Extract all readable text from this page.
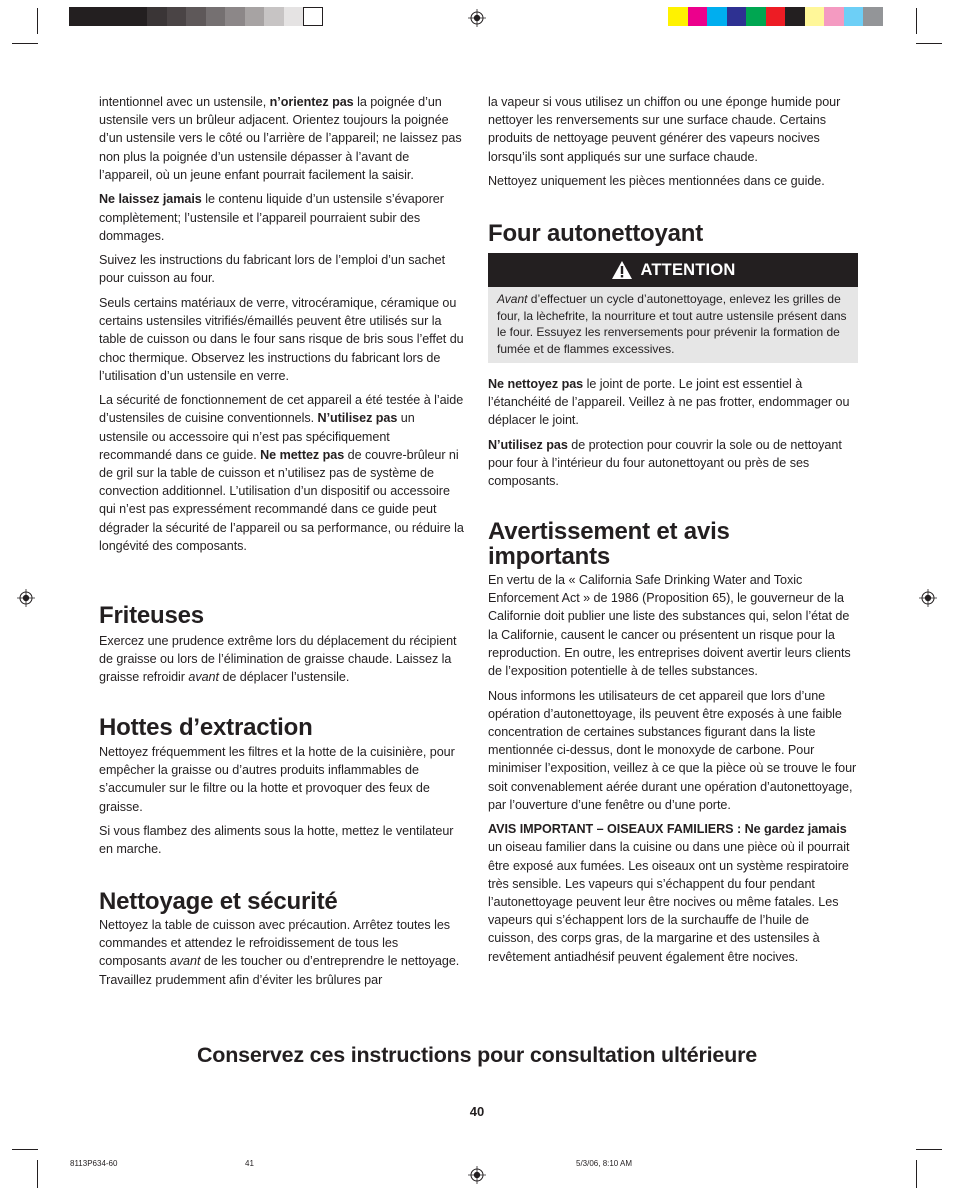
intentionnel avec un ustensile, n’orientez pas la poignée d’un ustensile vers un brûleur adjacent. Orientez toujours la poignée d’un ustensile vers le côté ou l’arrière de l’appareil; ne laissez pas non plus la poignée d’un ustensile dépasser à l’avant de l’appareil, où un jeune enfant pourrait facilement la saisir.

Ne laissez jamais le contenu liquide d’un ustensile s’évaporer complètement; l’ustensile et l’appareil pourraient subir des dommages.

Suivez les instructions du fabricant lors de l’emploi d’un sachet pour cuisson au four.

Seuls certains matériaux de verre, vitrocéramique, céramique ou certains ustensiles vitrifiés/émaillés peuvent être utilisés sur la table de cuisson ou dans le four sans risque de bris sous l’effet du choc thermique. Observez les instructions du fabricant lors de l’utilisation d’un ustensile en verre.

La sécurité de fonctionnement de cet appareil a été testée à l’aide d’ustensiles de cuisine conventionnels. N’utilisez pas un ustensile ou accessoire qui n’est pas spécifiquement recommandé dans ce guide. Ne mettez pas de couvre-brûleur ni de gril sur la table de cuisson et n’utilisez pas de système de convection additionnel. L’utilisation d’un dispositif ou accessoire qui n’est pas expressément recommandé dans ce guide peut dégrader la sécurité de l’appareil ou sa performance, ou réduire la longévité des composants.

Friteuses

Exercez une prudence extrême lors du déplacement du récipient de graisse ou lors de l’élimination de graisse chaude. Laissez la graisse refroidir avant de déplacer l’ustensile.

Hottes d’extraction

Nettoyez fréquemment les filtres et la hotte de la cuisinière, pour empêcher la graisse ou d’autres produits inflammables de s’accumuler sur le filtre ou la hotte et provoquer des feux de graisse.

Si vous flambez des aliments sous la hotte, mettez le ventilateur en marche.

Nettoyage et sécurité

Nettoyez la table de cuisson avec précaution. Arrêtez toutes les commandes et attendez le refroidissement de tous les composants avant de les toucher ou d’entreprendre le nettoyage. Travaillez prudemment afin d’éviter les brûlures par

la vapeur si vous utilisez un chiffon ou une éponge humide pour nettoyer les renversements sur une surface chaude. Certains produits de nettoyage peuvent générer des vapeurs nocives lorsqu’ils sont appliqués sur une surface chaude.

Nettoyez uniquement les pièces mentionnées dans ce guide.

Four autonettoyant
ATTENTION
Avant d’effectuer un cycle d’autonettoyage, enlevez les grilles de four, la lèchefrite, la nourriture et tout autre ustensile présent dans le four. Essuyez les renversements pour prévenir la formation de fumée et de flammes excessives.

Ne nettoyez pas le joint de porte. Le joint est essentiel à l’étanchéité de l’appareil. Veillez à ne pas frotter, endommager ou déplacer le joint.

N’utilisez pas de protection pour couvrir la sole ou de nettoyant pour four à l’intérieur du four autonettoyant ou près de ses composants.

Avertissement et avis
importants

En vertu de la « California Safe Drinking Water and Toxic Enforcement Act » de 1986 (Proposition 65), le gouverneur de la Californie doit publier une liste des substances qui, selon l’état de la Californie, causent le cancer ou présentent un risque pour la reproduction. En outre, les entreprises doivent avertir leurs clients de l’exposition potentielle à de telles substances.

Nous informons les utilisateurs de cet appareil que lors d’une opération d’autonettoyage, ils peuvent être exposés à une faible concentration de certaines substances figurant dans la liste mentionnée ci-dessus, dont le monoxyde de carbone. Pour minimiser l’exposition, veillez à ce que la pièce où se trouve le four soit convenablement aérée durant une opération d’autonettoyage, par l’ouverture d’une fenêtre ou d’une porte.

AVIS IMPORTANT – OISEAUX FAMILIERS : Ne gardez jamais un oiseau familier dans la cuisine ou dans une pièce où il pourrait être exposé aux fumées. Les oiseaux ont un système respiratoire très sensible. Les vapeurs qui s’échappent du four pendant l’autonettoyage peuvent leur être nocives ou même fatales. Les vapeurs qui s’échappent lors de la surchauffe de l’huile de cuisson, des corps gras, de la margarine et des ustensiles à revêtement antiadhésif peuvent également être nocives.

Conservez ces instructions pour consultation ultérieure
40
8113P634-60	41	5/3/06, 8:10 AM
